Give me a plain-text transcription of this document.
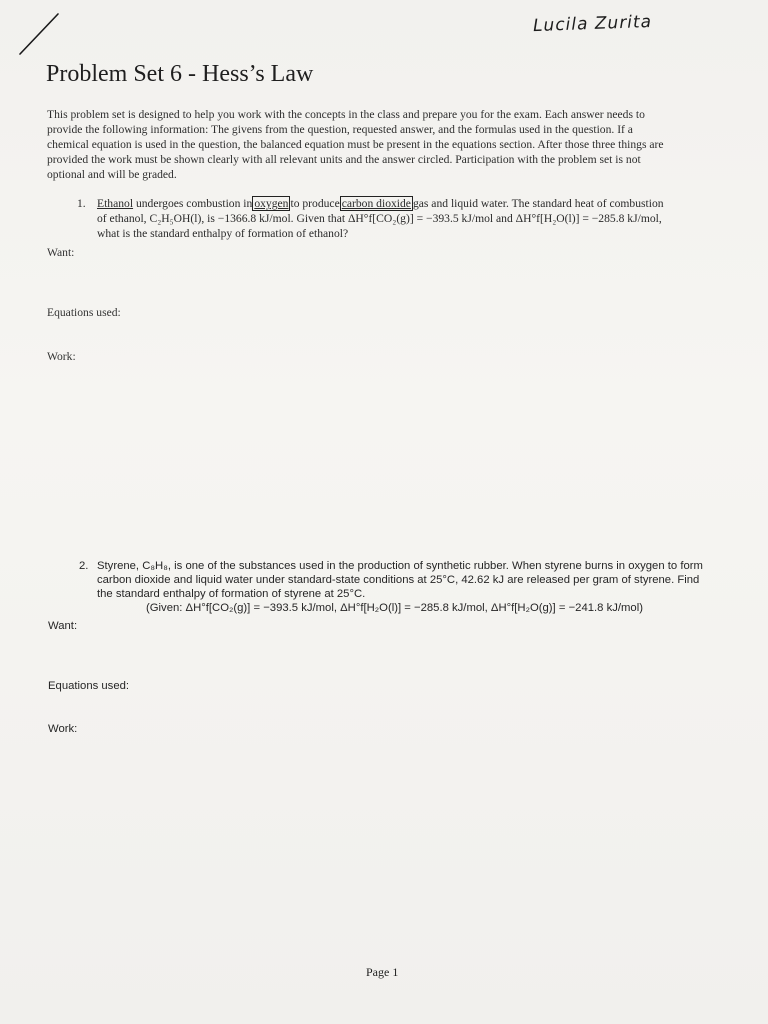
Lucila Zurita
Problem Set 6 - Hess’s Law
This problem set is designed to help you work with the concepts in the class and prepare you for the exam. Each answer needs to
provide the following information: The givens from the question, requested answer, and the formulas used in the question. If a
chemical equation is used in the question, the balanced equation must be present in the equations section. After those three things are
provided the work must be shown clearly with all relevant units and the answer circled. Participation with the problem set is not
optional and will be graded.
1. Ethanol undergoes combustion in oxygen to produce carbon dioxide gas and liquid water. The standard heat of combustion
of ethanol, C₂H₅OH(l), is −1366.8 kJ/mol. Given that ΔH°f[CO₂(g)] = −393.5 kJ/mol and ΔH°f[H₂O(l)] = −285.8 kJ/mol,
what is the standard enthalpy of formation of ethanol?
Want:
Equations used:
Work:
2. Styrene, C₈H₈, is one of the substances used in the production of synthetic rubber. When styrene burns in oxygen to form
carbon dioxide and liquid water under standard-state conditions at 25°C, 42.62 kJ are released per gram of styrene. Find
the standard enthalpy of formation of styrene at 25°C.
(Given: ΔH°f[CO₂(g)] = −393.5 kJ/mol, ΔH°f[H₂O(l)] = −285.8 kJ/mol, ΔH°f[H₂O(g)] = −241.8 kJ/mol)
Want:
Equations used:
Work:
Page 1
